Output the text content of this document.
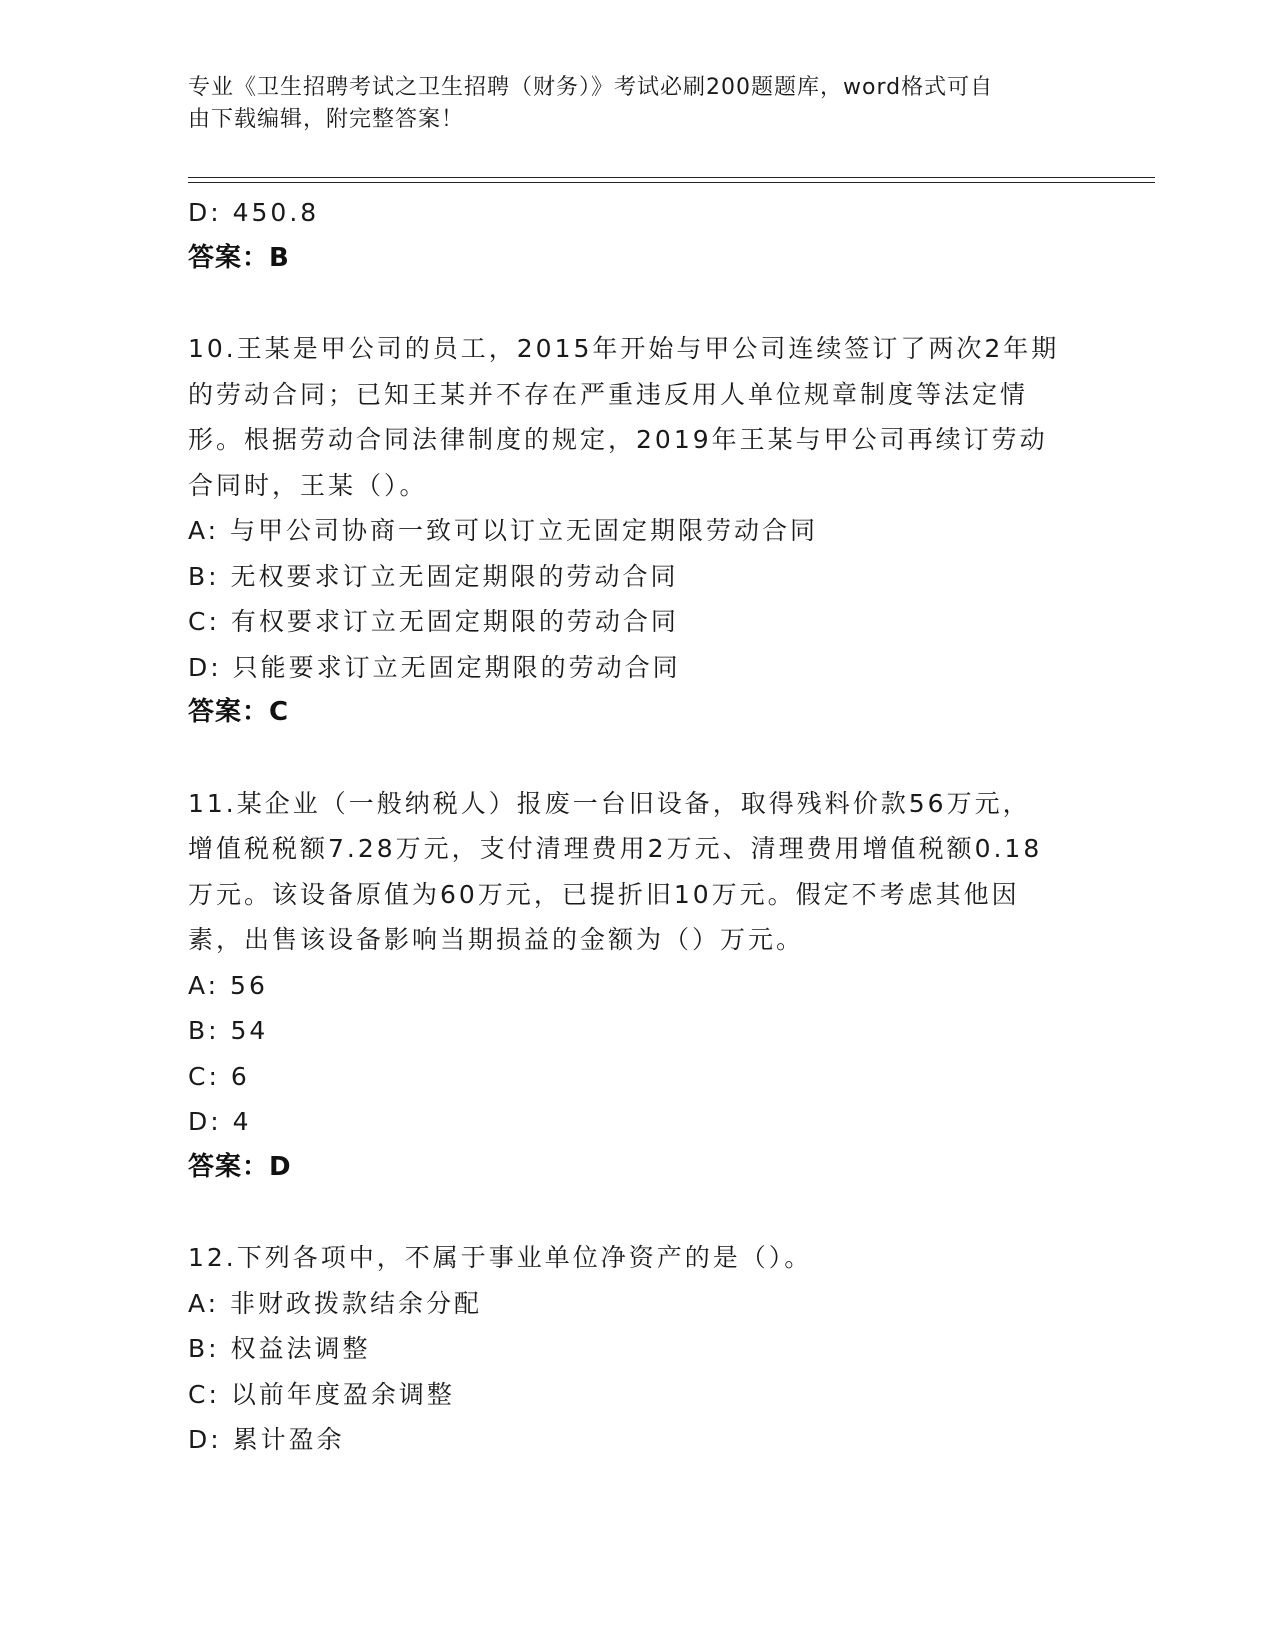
专业《卫生招聘考试之卫生招聘（财务）》考试必刷200题题库，word格式可自
由下载编辑，附完整答案！
D: 450.8
答案：B
10.王某是甲公司的员工，2015年开始与甲公司连续签订了两次2年期
的劳动合同；已知王某并不存在严重违反用人单位规章制度等法定情
形。根据劳动合同法律制度的规定，2019年王某与甲公司再续订劳动
合同时，王某（）。
A: 与甲公司协商一致可以订立无固定期限劳动合同
B: 无权要求订立无固定期限的劳动合同
C: 有权要求订立无固定期限的劳动合同
D: 只能要求订立无固定期限的劳动合同
答案：C
11.某企业（一般纳税人）报废一台旧设备，取得残料价款56万元，
增值税税额7.28万元，支付清理费用2万元、清理费用增值税额0.18
万元。该设备原值为60万元，已提折旧10万元。假定不考虑其他因
素，出售该设备影响当期损益的金额为（）万元。
A: 56
B: 54
C: 6
D: 4
答案：D
12.下列各项中，不属于事业单位净资产的是（）。
A: 非财政拨款结余分配
B: 权益法调整
C: 以前年度盈余调整
D: 累计盈余
